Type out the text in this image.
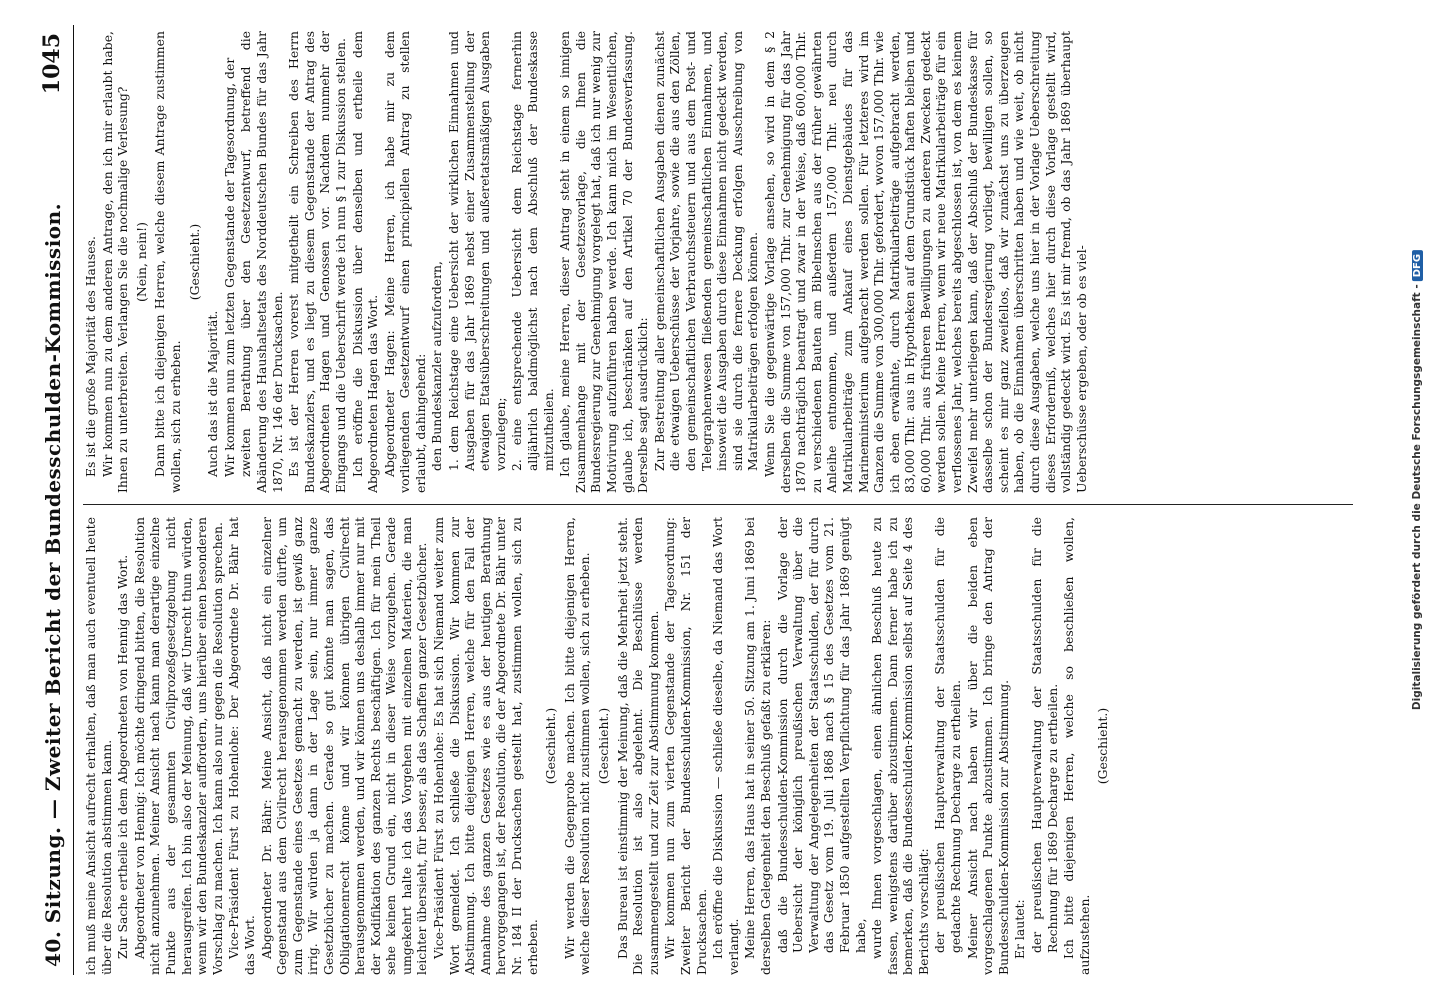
40. Sitzung. — Zweiter Bericht der Bundesschulden-Kommission.
1045

ich muß meine Ansicht aufrecht erhalten, daß man auch eventuell heute über die Resolution abstimmen kann. Zur Sache ertheile ich dem Abgeordneten von Hennig das Wort. Abgeordneter von Hennig: Ich möchte dringend bitten, die Resolution nicht anzunehmen. Meiner Ansicht nach kann man derartige einzelne Punkte aus der gesammten Civilprozeßgesetzgebung nicht herausgreifen. Ich bin also der Meinung, daß wir Unrecht thun würden, wenn wir den Bundeskanzler auffordern, uns hierüber einen besonderen Vorschlag zu machen. Ich kann also nur gegen die Resolution sprechen. Vice-Präsident Fürst zu Hohenlohe: Der Abgeordnete Dr. Bähr hat das Wort. Abgeordneter Dr. Bähr: Meine Ansicht, daß nicht ein einzelner Gegenstand aus dem Civilrecht herausgenommen werden dürfte, um zum Gegenstande eines Gesetzes gemacht zu werden, ist gewiß ganz irrig. Wir würden ja dann in der Lage sein, nur immer ganze Gesetzbücher zu machen. Gerade so gut könnte man sagen, das Obligationenrecht könne und wir können übrigen Civilrecht herausgenommen werden, und wir können uns deshalb immer nur mit der Kodifikation des ganzen Rechts beschäftigen. Ich für mein Theil sehe keinen Grund ein, nicht in dieser Weise vorzugehen. Gerade umgekehrt halte ich das Vorgehen mit einzelnen Materien, die man leichter übersieht, für besser, als das Schaffen ganzer Gesetzbücher. Vice-Präsident Fürst zu Hohenlohe: Es hat sich Niemand weiter zum Wort gemeldet. Ich schließe die Diskussion. Wir kommen zur Abstimmung. Ich bitte diejenigen Herren, welche für den Fall der Annahme des ganzen Gesetzes wie es aus der heutigen Berathung hervorgegangen ist, der Resolution, die der Abgeordnete Dr. Bähr unter Nr. 184 II der Drucksachen gestellt hat, zustimmen wollen, sich zu erheben.

(Geschieht.) Wir werden die Gegenprobe machen. Ich bitte diejenigen Herren, welche dieser Resolution nicht zustimmen wollen, sich zu erheben. (Geschieht.) Das Bureau ist einstimmig der Meinung, daß die Mehrheit jetzt steht. Die Resolution ist also abgelehnt. Die Beschlüsse werden zusammengestellt und zur Zeit zur Abstimmung kommen. Wir kommen nun zum vierten Gegenstande der Tagesordnung: Zweiter Bericht der Bundesschulden-Kommission, Nr. 151 der Drucksachen. Ich eröffne die Diskussion — schließe dieselbe, da Niemand das Wort verlangt. Meine Herren, das Haus hat in seiner 50. Sitzung am 1. Juni 1869 bei derselben Gelegenheit den Beschluß gefaßt zu erklären: daß die Bundesschulden-Kommission durch die Vorlage der Uebersicht der königlich preußischen Verwaltung über die Verwaltung der Angelegenheiten der Staatsschulden, der für durch das Gesetz vom 19. Juli 1868 nach § 15 des Gesetzes vom 21. Februar 1850 aufgestellten Verpflichtung für das Jahr 1869 genügt habe, wurde Ihnen vorgeschlagen, einen ähnlichen Beschluß heute zu fassen, wenigstens darüber abzustimmen. Dann ferner habe ich zu bemerken, daß die Bundesschulden-Kommission selbst auf Seite 4 des Berichts vorschlägt: der preußischen Hauptverwaltung der Staatsschulden für die gedachte Rechnung Decharge zu ertheilen. Meiner Ansicht nach haben wir über die beiden eben vorgeschlagenen Punkte abzustimmen. Ich bringe den Antrag der Bundesschulden-Kommission zur Abstimmung. Er lautet: der preußischen Hauptverwaltung der Staatsschulden für die Rechnung für 1869 Decharge zu ertheilen. Ich bitte diejenigen Herren, welche so beschließen wollen, aufzustehen.

(Geschieht.)

Es ist die große Majorität des Hauses. Wir kommen nun zu dem anderen Antrage, den ich mir erlaubt habe, Ihnen zu unterbreiten. Verlangen Sie die nochmalige Verlesung? (Nein, nein!) Dann bitte ich diejenigen Herren, welche diesem Antrage zustimmen wollen, sich zu erheben.

(Geschieht.)

Auch das ist die Majorität. Wir kommen nun zum letzten Gegenstande der Tagesordnung, der zweiten Berathung über den Gesetzentwurf, betreffend die Abänderung des Haushaltsetats des Norddeutschen Bundes für das Jahr 1870, Nr. 146 der Drucksachen. Es ist der Herren vorerst mitgetheilt ein Schreiben des Herrn Bundeskanzlers, und es liegt zu diesem Gegenstande der Antrag des Abgeordneten Hagen und Genossen vor. Nachdem nunmehr der Eingangs und die Ueberschrift werde ich nun § 1 zur Diskussion stellen. Ich eröffne die Diskussion über denselben und ertheile dem Abgeordneten Hagen das Wort. Abgeordneter Hagen: Meine Herren, ich habe mir zu dem vorliegenden Gesetzentwurf einen principiellen Antrag zu stellen erlaubt, dahingehend: den Bundeskanzler aufzufordern, 1. dem Reichstage eine Uebersicht der wirklichen Einnahmen und Ausgaben für das Jahr 1869 nebst einer Zusammenstellung der etwaigen Etatsüberschreitungen und außeretatsmäßigen Ausgaben vorzulegen; 2. eine entsprechende Uebersicht dem Reichstage fernerhin alljährlich baldmöglichst nach dem Abschluß der Bundeskasse mitzutheilen. Ich glaube, meine Herren, dieser Antrag steht in einem so innigen Zusammenhange mit der Gesetzesvorlage, die Ihnen die Bundesregierung zur Genehmigung vorgelegt hat, daß ich nur wenig zur Motivirung aufzuführen haben werde. Ich kann mich im Wesentlichen, glaube ich, beschränken auf den Artikel 70 der Bundesverfassung. Derselbe sagt ausdrücklich: Zur Bestreitung aller gemeinschaftlichen Ausgaben dienen zunächst die etwaigen Ueberschüsse der Vorjahre, sowie die aus den Zöllen, den gemeinschaftlichen Verbrauchssteuern und aus dem Post- und Telegraphenwesen fließenden gemeinschaftlichen Einnahmen, und insoweit die Ausgaben durch diese Einnahmen nicht gedeckt werden, sind sie durch die fernere Deckung erfolgen Ausschreibung von Matrikularbeiträgen erfolgen können. Wenn Sie die gegenwärtige Vorlage ansehen, so wird in dem § 2 derselben die Summe von 157,000 Thlr. zur Genehmigung für das Jahr 1870 nachträglich beantragt und zwar in der Weise, daß 600,000 Thlr. zu verschiedenen Bauten am Bibelmschen aus der früher gewährten Anleihe entnommen, und außerdem 157,000 Thlr. neu durch Matrikularbeiträge zum Ankauf eines Dienstgebäudes für das Marineministerium aufgebracht werden sollen. Für letzteres wird im Ganzen die Summe von 300,000 Thlr. gefordert, wovon 157,000 Thlr. wie ich eben erwähnte, durch Matrikularbeiträge aufgebracht werden, 83,000 Thlr. aus in Hypotheken auf dem Grundstück haften bleiben und 60,000 Thlr. aus früheren Bewilligungen zu anderen Zwecken gedeckt werden sollen. Meine Herren, wenn wir neue Matrikularbeiträge für ein verflossenes Jahr, welches bereits abgeschlossen ist, von dem es keinem Zweifel mehr unterliegen kann, daß der Abschluß der Bundeskasse für dasselbe schon der Bundesregierung vorliegt, bewilligen sollen, so scheint es mir ganz zweifellos, daß wir zunächst uns zu überzeugen haben, ob die Einnahmen überschritten haben und wie weit, ob nicht durch diese Ausgaben, welche uns hier in der Vorlage Ueberschreitung dieses Erforderniß, welches hier durch diese Vorlage gestellt wird, vollständig gedeckt wird. Es ist mir fremd, ob das Jahr 1869 überhaupt Ueberschüsse ergeben, oder ob es viel-	Digitalisierung gefördert durch die Deutsche Forschungsgemeinschaft -DFG
